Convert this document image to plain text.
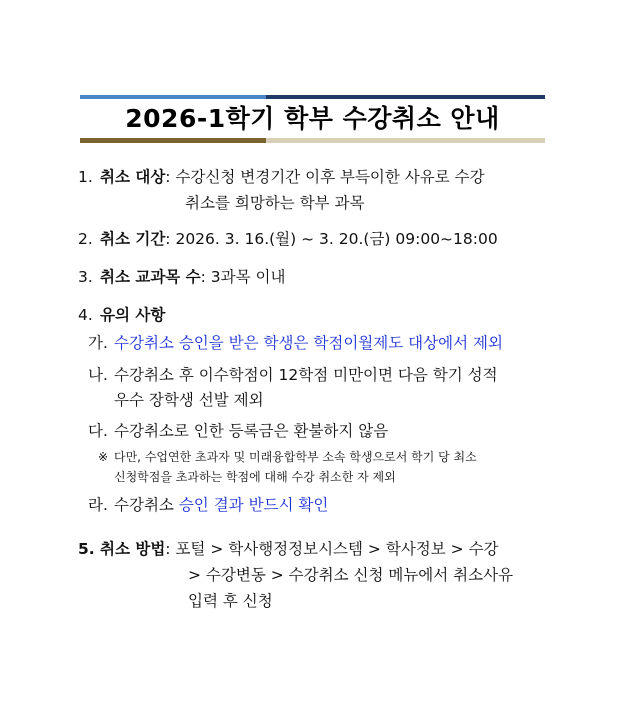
2026-1학기 학부 수강취소 안내
1. 취소 대상: 수강신청 변경기간 이후 부득이한 사유로 수강
취소를 희망하는 학부 과목
2. 취소 기간: 2026. 3. 16.(월) ~ 3. 20.(금) 09:00~18:00
3. 취소 교과목 수: 3과목 이내
4. 유의 사항
가. 수강취소 승인을 받은 학생은 학점이월제도 대상에서 제외
나. 수강취소 후 이수학점이 12학점 미만이면 다음 학기 성적
우수 장학생 선발 제외
다. 수강취소로 인한 등록금은 환불하지 않음
※ 다만, 수업연한 초과자 및 미래융합학부 소속 학생으로서 학기 당 최소
신청학점을 초과하는 학점에 대해 수강 취소한 자 제외
라. 수강취소 승인 결과 반드시 확인
5. 취소 방법: 포털 > 학사행정정보시스템 > 학사정보 > 수강
> 수강변동 > 수강취소 신청 메뉴에서 취소사유
입력 후 신청
